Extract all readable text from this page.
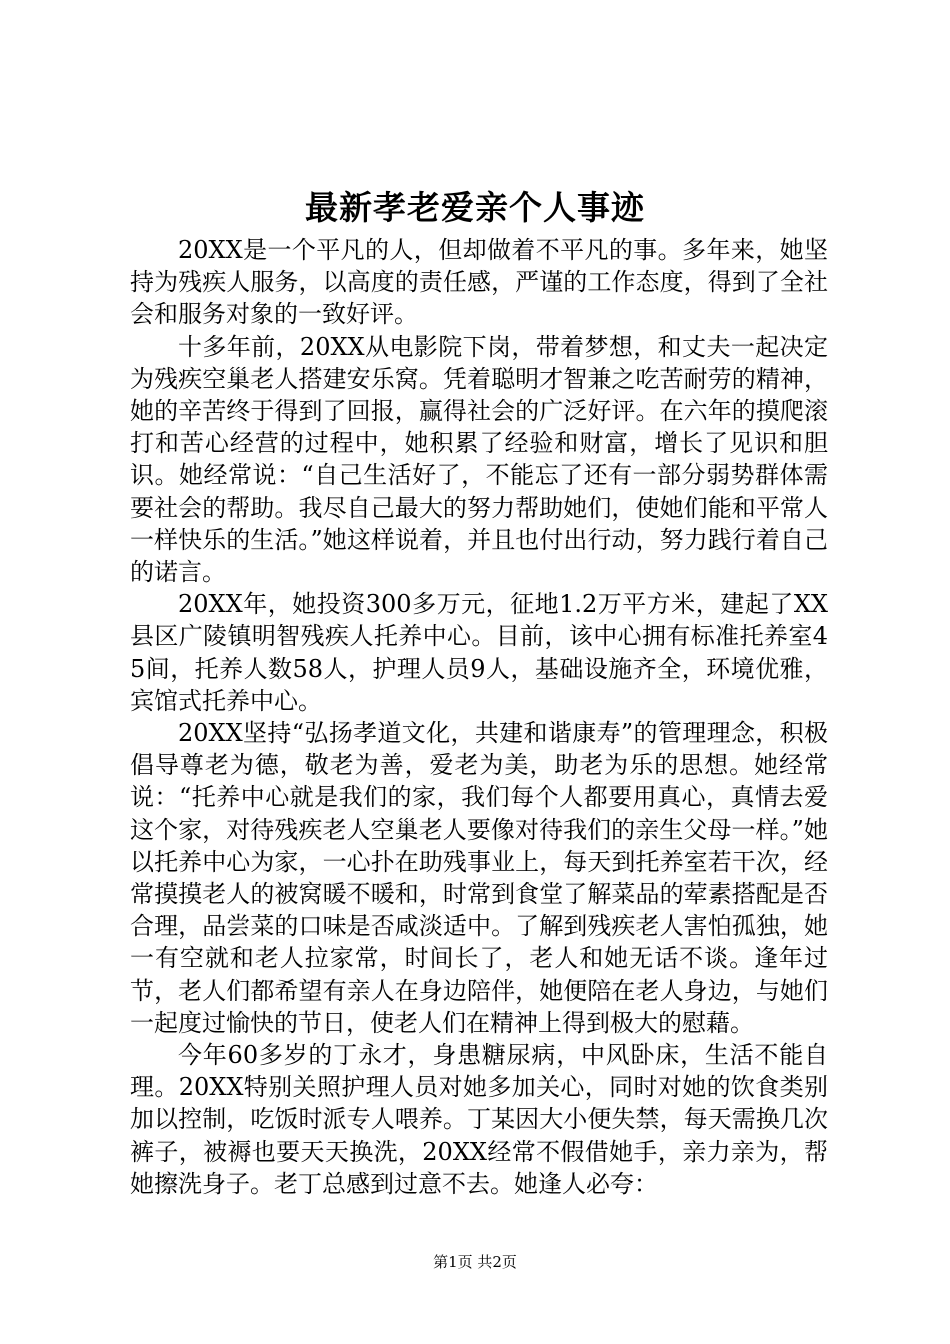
最新孝老爱亲个人事迹

20XX是一个平凡的人，但却做着不平凡的事。多年来，她坚持为残疾人服务，以高度的责任感，严谨的工作态度，得到了全社会和服务对象的一致好评。

十多年前，20XX从电影院下岗，带着梦想，和丈夫一起决定为残疾空巢老人搭建安乐窝。凭着聪明才智兼之吃苦耐劳的精神，她的辛苦终于得到了回报，赢得社会的广泛好评。在六年的摸爬滚打和苦心经营的过程中，她积累了经验和财富，增长了见识和胆识。她经常说：“自己生活好了，不能忘了还有一部分弱势群体需要社会的帮助。我尽自己最大的努力帮助她们，使她们能和平常人一样快乐的生活。”她这样说着，并且也付出行动，努力践行着自己的诺言。

20XX年，她投资300多万元，征地1.2万平方米，建起了XX县区广陵镇明智残疾人托养中心。目前，该中心拥有标准托养室45间，托养人数58人，护理人员9人，基础设施齐全，环境优雅，宾馆式托养中心。

20XX坚持“弘扬孝道文化，共建和谐康寿”的管理理念，积极倡导尊老为德，敬老为善，爱老为美，助老为乐的思想。她经常说：“托养中心就是我们的家，我们每个人都要用真心，真情去爱这个家，对待残疾老人空巢老人要像对待我们的亲生父母一样。”她以托养中心为家，一心扑在助残事业上，每天到托养室若干次，经常摸摸老人的被窝暖不暖和，时常到食堂了解菜品的荤素搭配是否合理，品尝菜的口味是否咸淡适中。了解到残疾老人害怕孤独，她一有空就和老人拉家常，时间长了，老人和她无话不谈。逢年过节，老人们都希望有亲人在身边陪伴，她便陪在老人身边，与她们一起度过愉快的节日，使老人们在精神上得到极大的慰藉。

今年60多岁的丁永才，身患糖尿病，中风卧床，生活不能自理。20XX特别关照护理人员对她多加关心，同时对她的饮食类别加以控制，吃饭时派专人喂养。丁某因大小便失禁，每天需换几次裤子，被褥也要天天换洗，20XX经常不假借她手，亲力亲为，帮她擦洗身子。老丁总感到过意不去。她逢人必夸：

第1页 共2页
